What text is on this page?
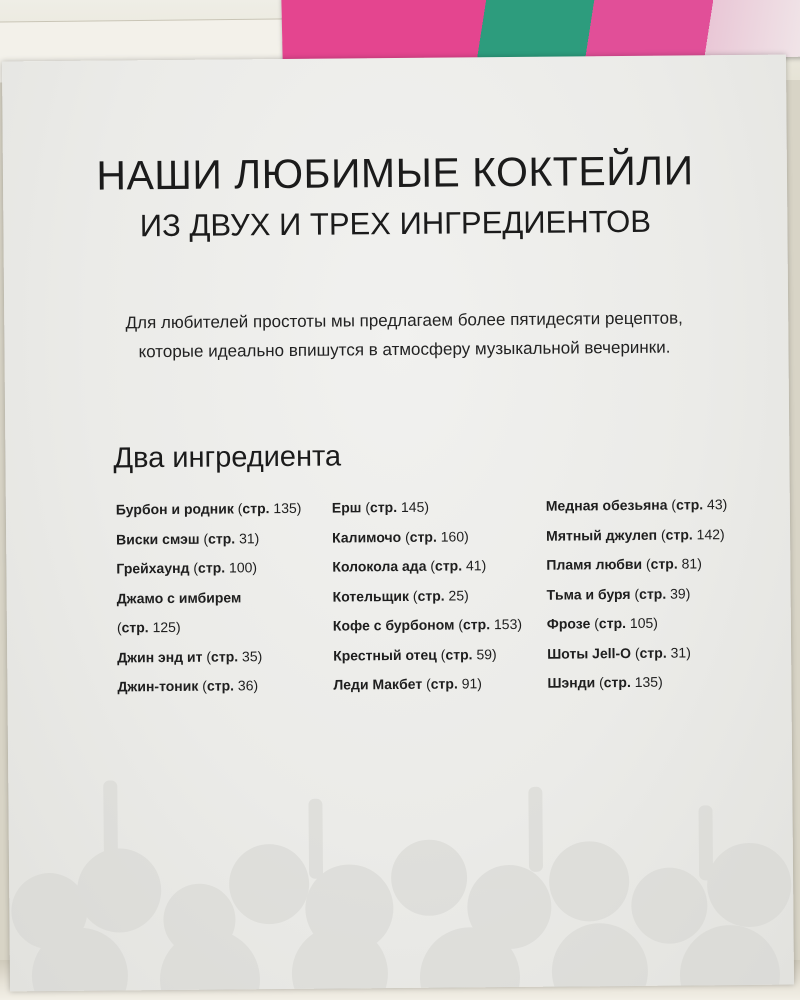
НАШИ ЛЮБИМЫЕ КОКТЕЙЛИ
ИЗ ДВУХ И ТРЕХ ИНГРЕДИЕНТОВ

Для любителей простоты мы предлагаем более пятидесяти рецептов, которые идеально впишутся в атмосферу музыкальной вечеринки.

Два ингредиента
Бурбон и родник (стр. 135)
Виски смэш (стр. 31)
Грейхаунд (стр. 100)
Джамо с имбирем (стр. 125)
Джин энд ит (стр. 35)
Джин-тоник (стр. 36)
Ерш (стр. 145)
Калимочо (стр. 160)
Колокола ада (стр. 41)
Котельщик (стр. 25)
Кофе с бурбоном (стр. 153)
Крестный отец (стр. 59)
Леди Макбет (стр. 91)
Медная обезьяна (стр. 43)
Мятный джулеп (стр. 142)
Пламя любви (стр. 81)
Тьма и буря (стр. 39)
Фрозе (стр. 105)
Шоты Jell-O (стр. 31)
Шэнди (стр. 135)
